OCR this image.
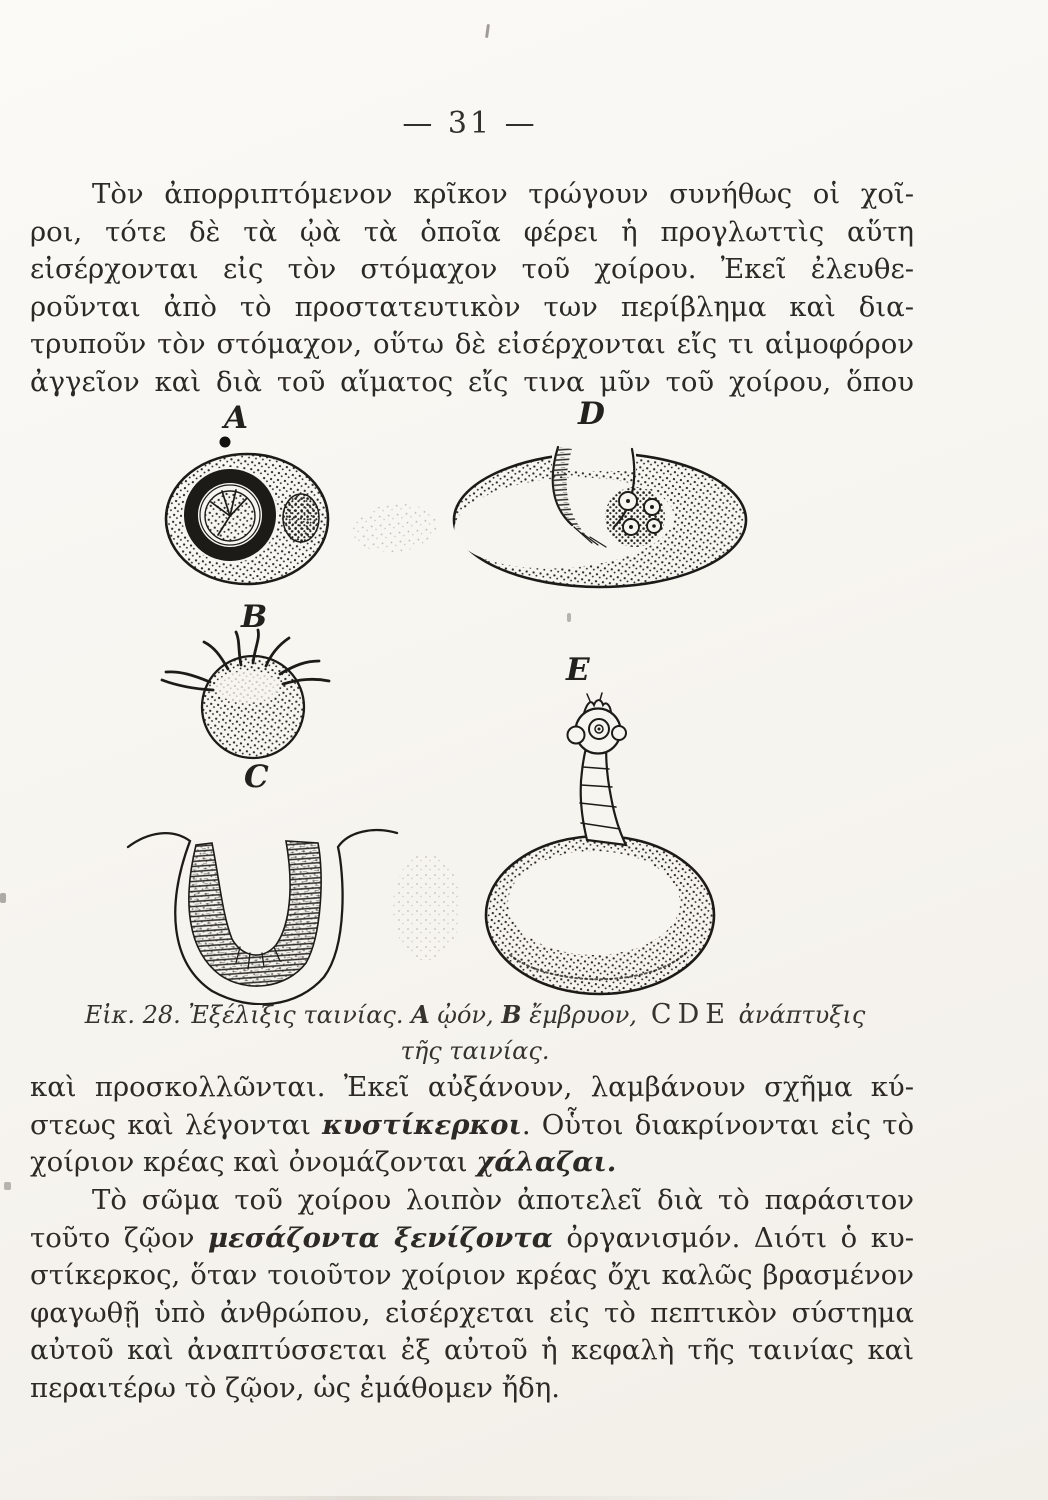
— 31 —
Τὸν ἀπορριπτόμενον κρῖκον τρώγουν συνήθως οἱ χοῖ-
ροι, τότε δὲ τὰ ᾠὰ τὰ ὁποῖα φέρει ἡ προγλωττὶς αὕτη
εἰσέρχονται εἰς τὸν στόμαχον τοῦ χοίρου. Ἐκεῖ ἐλευθε-
ροῦνται ἀπὸ τὸ προστατευτικὸν των περίβλημα καὶ δια-
τρυποῦν τὸν στόμαχον, οὕτω δὲ εἰσέρχονται εἴς τι αἱμοφόρον
ἀγγεῖον καὶ διὰ τοῦ αἵματος εἴς τινα μῦν τοῦ χοίρου, ὅπου
A	D
B
E
C
Εἰκ. 28. Ἐξέλιξις ταινίας. A ᾠόν, B ἔμβρυον, CDE ἀνάπτυξις
τῆς ταινίας.
καὶ προσκολλῶνται. Ἐκεῖ αὐξάνουν, λαμβάνουν σχῆμα κύ-
στεως καὶ λέγονται κυστίκερκοι. Οὗτοι διακρίνονται εἰς τὸ
χοίριον κρέας καὶ ὀνομάζονται χάλαζαι.
Τὸ σῶμα τοῦ χοίρου λοιπὸν ἀποτελεῖ διὰ τὸ παράσιτον
τοῦτο ζῷον μεσάζοντα ξενίζοντα ὀργανισμόν. Διότι ὁ κυ-
στίκερκος, ὅταν τοιοῦτον χοίριον κρέας ὄχι καλῶς βρασμένον
φαγωθῇ ὑπὸ ἀνθρώπου, εἰσέρχεται εἰς τὸ πεπτικὸν σύστημα
αὐτοῦ καὶ ἀναπτύσσεται ἐξ αὐτοῦ ἡ κεφαλὴ τῆς ταινίας καὶ
περαιτέρω τὸ ζῷον, ὡς ἐμάθομεν ἤδη.
